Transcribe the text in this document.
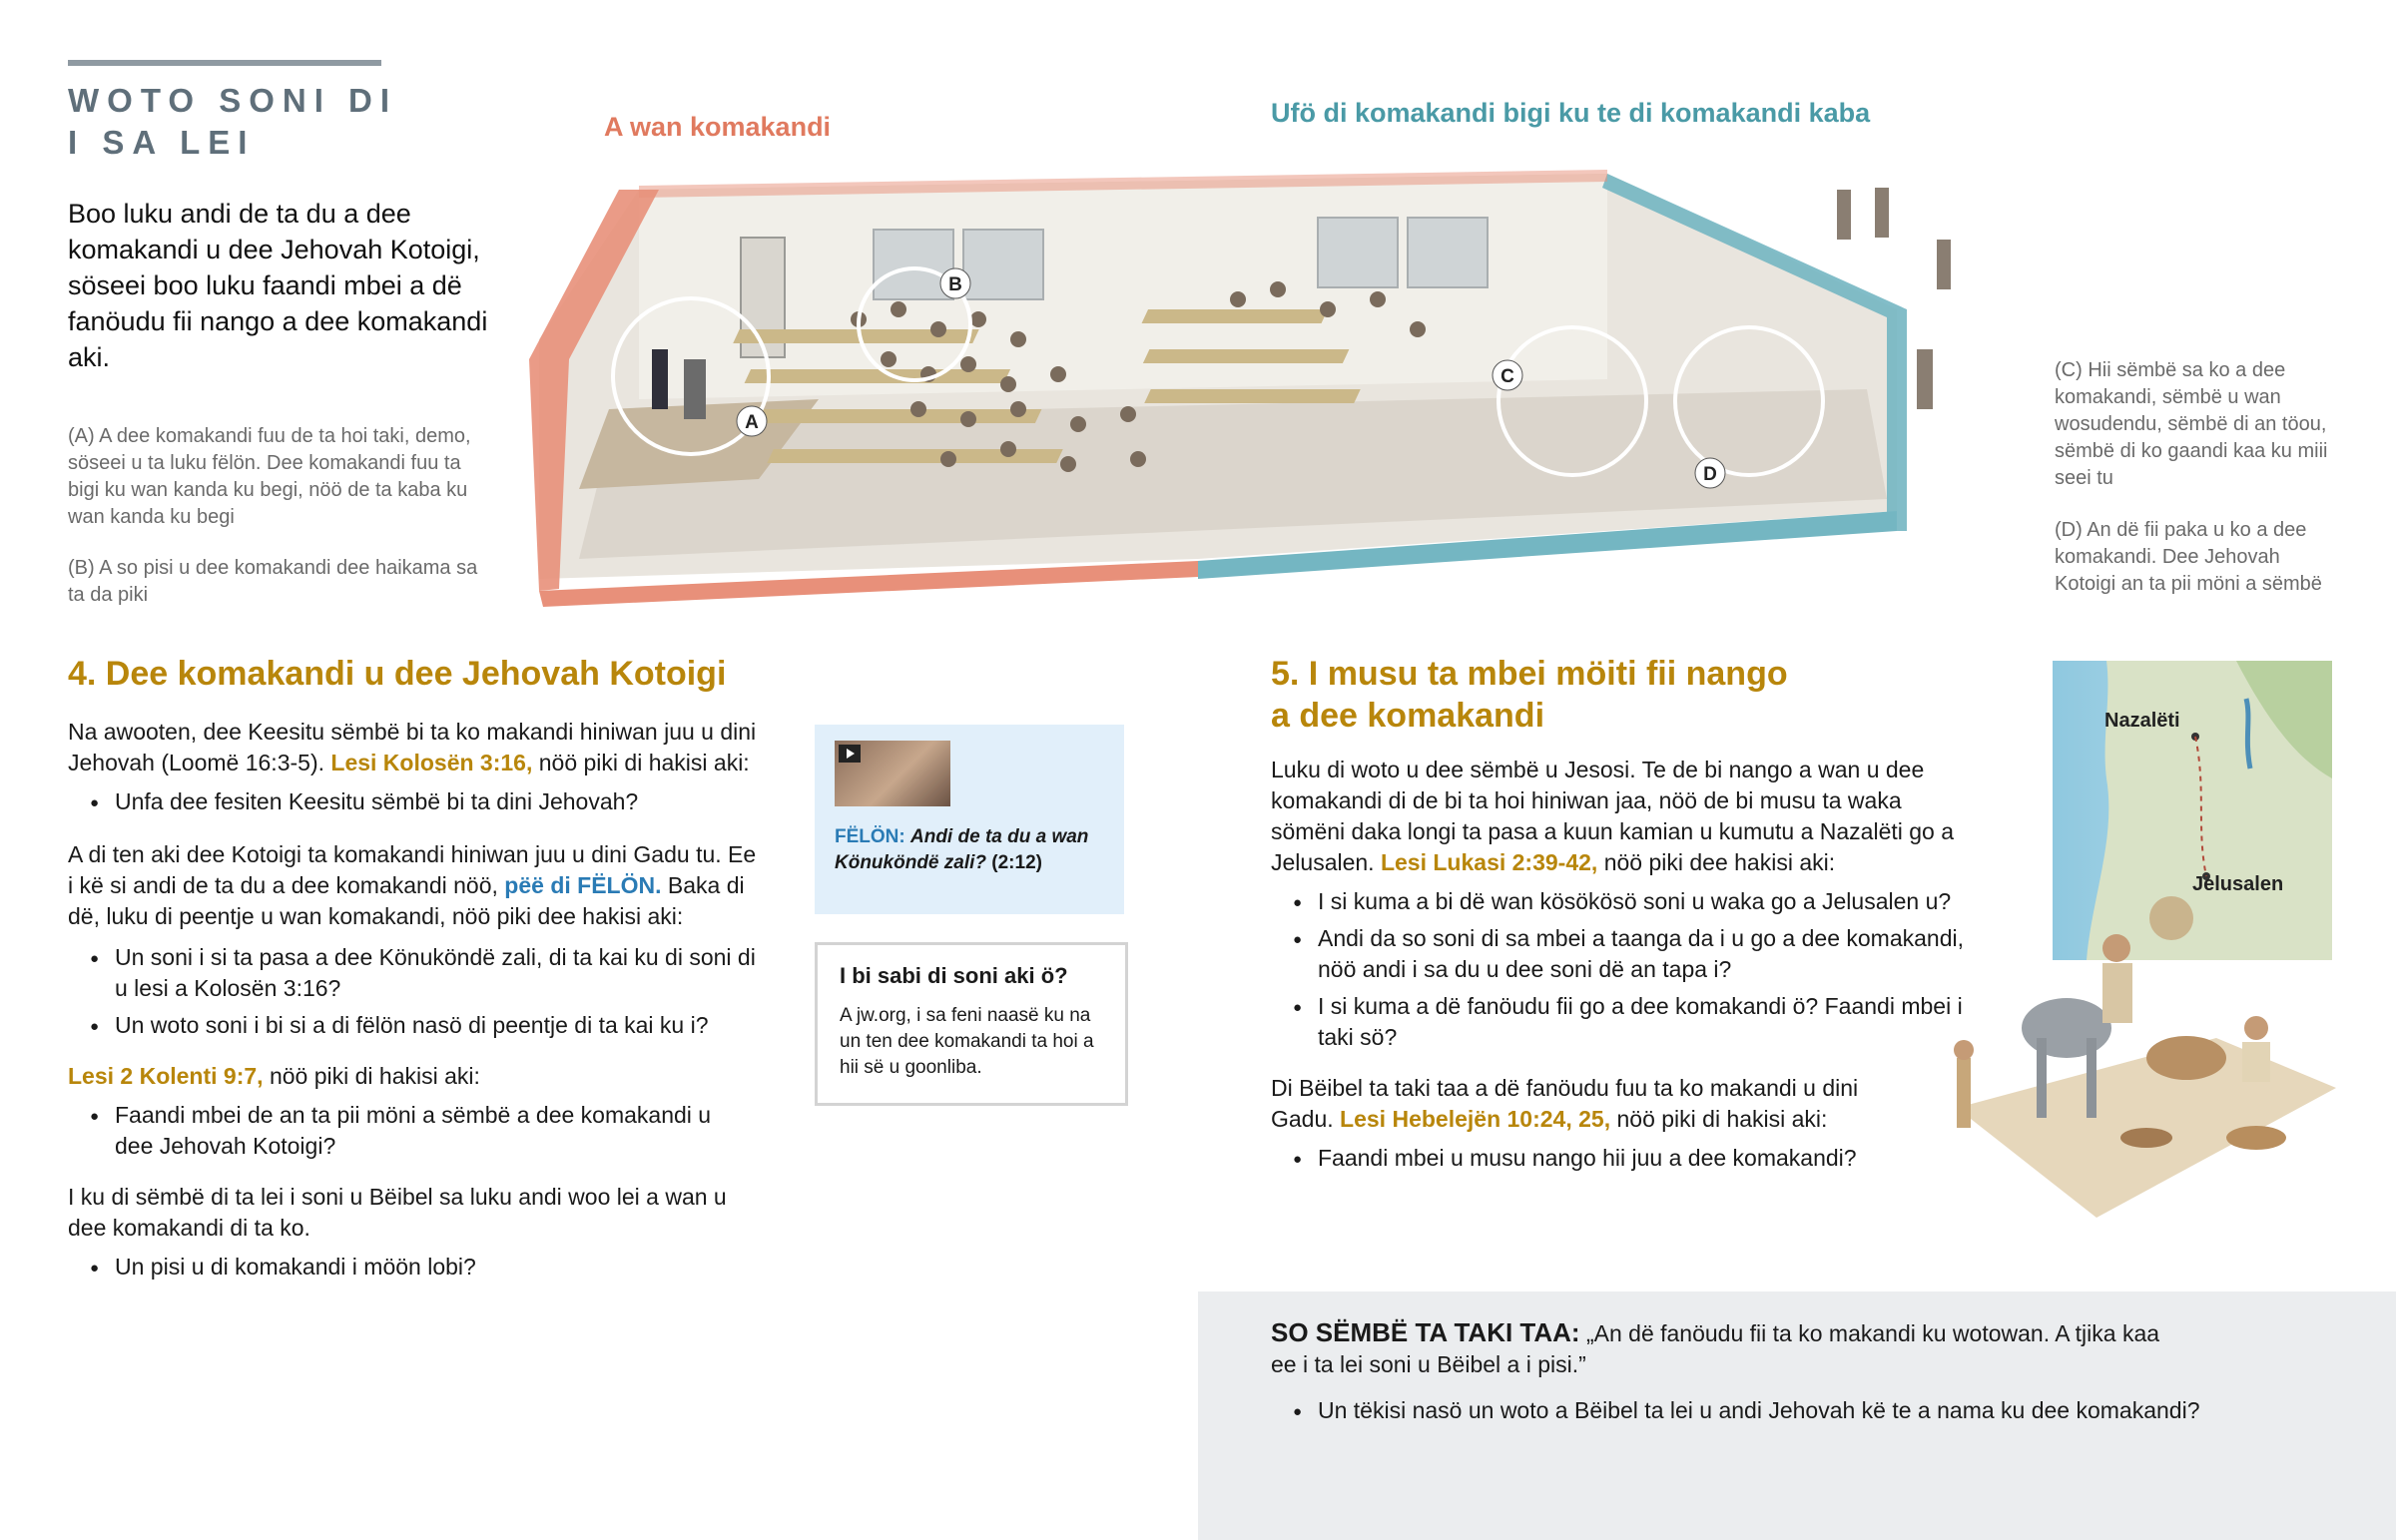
WOTO SONI DI
I SA LEI
Boo luku andi de ta du a dee komakandi u dee Jehovah Kotoigi, söseei boo luku faandi mbei a dë fanöudu fii nango a dee komakandi aki.
(A) A dee komakandi fuu de ta hoi taki, demo, söseei u ta luku fëlön. Dee komakandi fuu ta bigi ku wan kanda ku begi, nöö de ta kaba ku wan kanda ku begi
(B) A so pisi u dee komakandi dee haikama sa ta da piki
(C) Hii sëmbë sa ko a dee komakandi, sëmbë u wan wosudendu, sëmbë di an töou, sëmbë di ko gaandi kaa ku miii seei tu
(D) An dë fii paka u ko a dee komakandi. Dee Jehovah Kotoigi an ta pii möni a sëmbë
A wan komakandi	Ufö di komakandi bigi ku te di komakandi kaba
A
B
C
D
4. Dee komakandi u dee Jehovah Kotoigi
Na awooten, dee Keesitu sëmbë bi ta ko makandi hiniwan juu u dini Jehovah (Loomë 16:3-5). Lesi Kolosën 3:16, nöö piki di hakisi aki:
● Unfa dee fesiten Keesitu sëmbë bi ta dini Jehovah?
A di ten aki dee Kotoigi ta komakandi hiniwan juu u dini Gadu tu. Ee i kë si andi de ta du a dee komakandi nöö, pëë di FËLÖN. Baka di dë, luku di peentje u wan komakandi, nöö piki dee hakisi aki:
● Un soni i si ta pasa a dee Könuköndë zali, di ta kai ku di soni di u lesi a Kolosën 3:16?
● Un woto soni i bi si a di fëlön nasö di peentje di ta kai ku i?
Lesi 2 Kolenti 9:7, nöö piki di hakisi aki:
● Faandi mbei de an ta pii möni a sëmbë a dee komakandi u dee Jehovah Kotoigi?
I ku di sëmbë di ta lei i soni u Bëibel sa luku andi woo lei a wan u dee komakandi di ta ko.
● Un pisi u di komakandi i möön lobi?
FËLÖN: Andi de ta du a wan Könuköndë zali? (2:12)
I bi sabi di soni aki ö?
A jw.org, i sa feni naasë ku na un ten dee komakandi ta hoi a hii së u goonliba.
5. I musu ta mbei möiti fii nango
a dee komakandi
Luku di woto u dee sëmbë u Jesosi. Te de bi nango a wan u dee komakandi di de bi ta hoi hiniwan jaa, nöö de bi musu ta waka sömëni daka longi ta pasa a kuun kamian u kumutu a Nazalëti go a Jelusalen. Lesi Lukasi 2:39-42, nöö piki dee hakisi aki:
● I si kuma a bi dë wan kösökösö soni u waka go a Jelusalen u?
● Andi da so soni di sa mbei a taanga da i u go a dee komakandi, nöö andi i sa du u dee soni dë an tapa i?
● I si kuma a dë fanöudu fii go a dee komakandi ö? Faandi mbei i taki sö?
Di Bëibel ta taki taa a dë fanöudu fuu ta ko makandi u dini Gadu. Lesi Hebelejën 10:24, 25, nöö piki di hakisi aki:
● Faandi mbei u musu nango hii juu a dee komakandi?
Nazalëti
Jelusalen
SO SËMBË TA TAKI TAA: „An dë fanöudu fii ta ko makandi ku wotowan. A tjika kaa ee i ta lei soni u Bëibel a i pisi.”
● Un tëkisi nasö un woto a Bëibel ta lei u andi Jehovah kë te a nama ku dee komakandi?
